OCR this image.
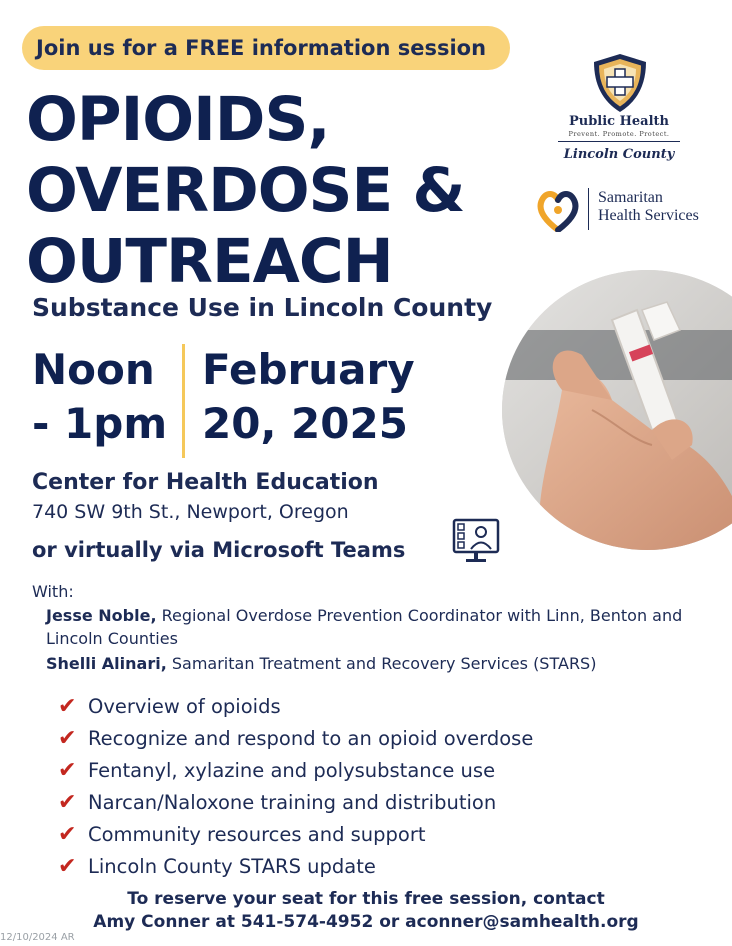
Join us for a FREE information session
OPIOIDS,
OVERDOSE &
OUTREACH
Substance Use in Lincoln County
Noon
- 1pm
February
20, 2025
Center for Health Education
740 SW 9th St., Newport, Oregon
or virtually via Microsoft Teams
With:
Jesse Noble, Regional Overdose Prevention Coordinator with Linn, Benton and Lincoln Counties
Shelli Alinari, Samaritan Treatment and Recovery Services (STARS)
✔ Overview of opioids
✔ Recognize and respond to an opioid overdose
✔ Fentanyl, xylazine and polysubstance use
✔ Narcan/Naloxone training and distribution
✔ Community resources and support
✔ Lincoln County STARS update
To reserve your seat for this free session, contact
Amy Conner at 541-574-4952 or aconner@samhealth.org
12/10/2024 AR
Public Health
Prevent. Promote. Protect.
Lincoln County
Samaritan
Health Services
